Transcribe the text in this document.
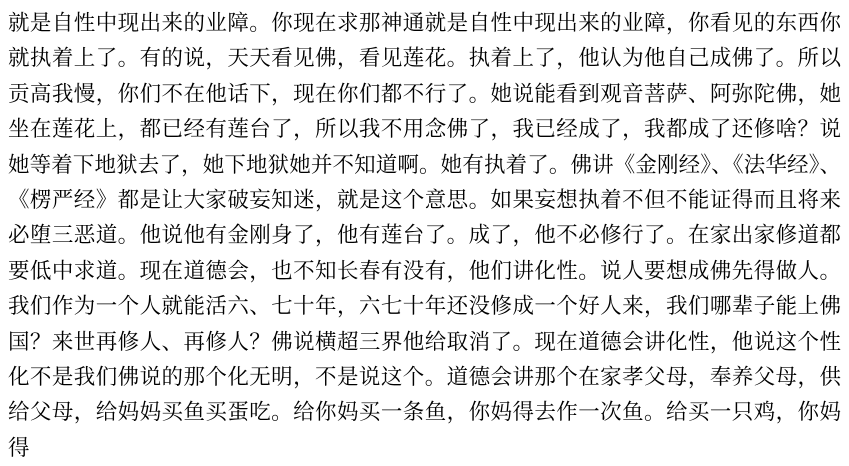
就是自性中现出来的业障。你现在求那神通就是自性中现出来的业障，你看见的东西你就执着上了。有的说，天天看见佛，看见莲花。执着上了，他认为他自己成佛了。所以贡高我慢，你们不在他话下，现在你们都不行了。她说能看到观音菩萨、阿弥陀佛，她坐在莲花上，都已经有莲台了，所以我不用念佛了，我已经成了，我都成了还修啥？说她等着下地狱去了，她下地狱她并不知道啊。她有执着了。佛讲《金刚经》、《法华经》、《楞严经》都是让大家破妄知迷，就是这个意思。如果妄想执着不但不能证得而且将来必堕三恶道。他说他有金刚身了，他有莲台了。成了，他不必修行了。在家出家修道都要低中求道。现在道德会，也不知长春有没有，他们讲化性。说人要想成佛先得做人。我们作为一个人就能活六、七十年，六七十年还没修成一个好人来，我们哪辈子能上佛国？来世再修人、再修人？佛说横超三界他给取消了。现在道德会讲化性，他说这个性化不是我们佛说的那个化无明，不是说这个。道德会讲那个在家孝父母，奉养父母，供给父母，给妈妈买鱼买蛋吃。给你妈买一条鱼，你妈得去作一次鱼。给买一只鸡，你妈得
